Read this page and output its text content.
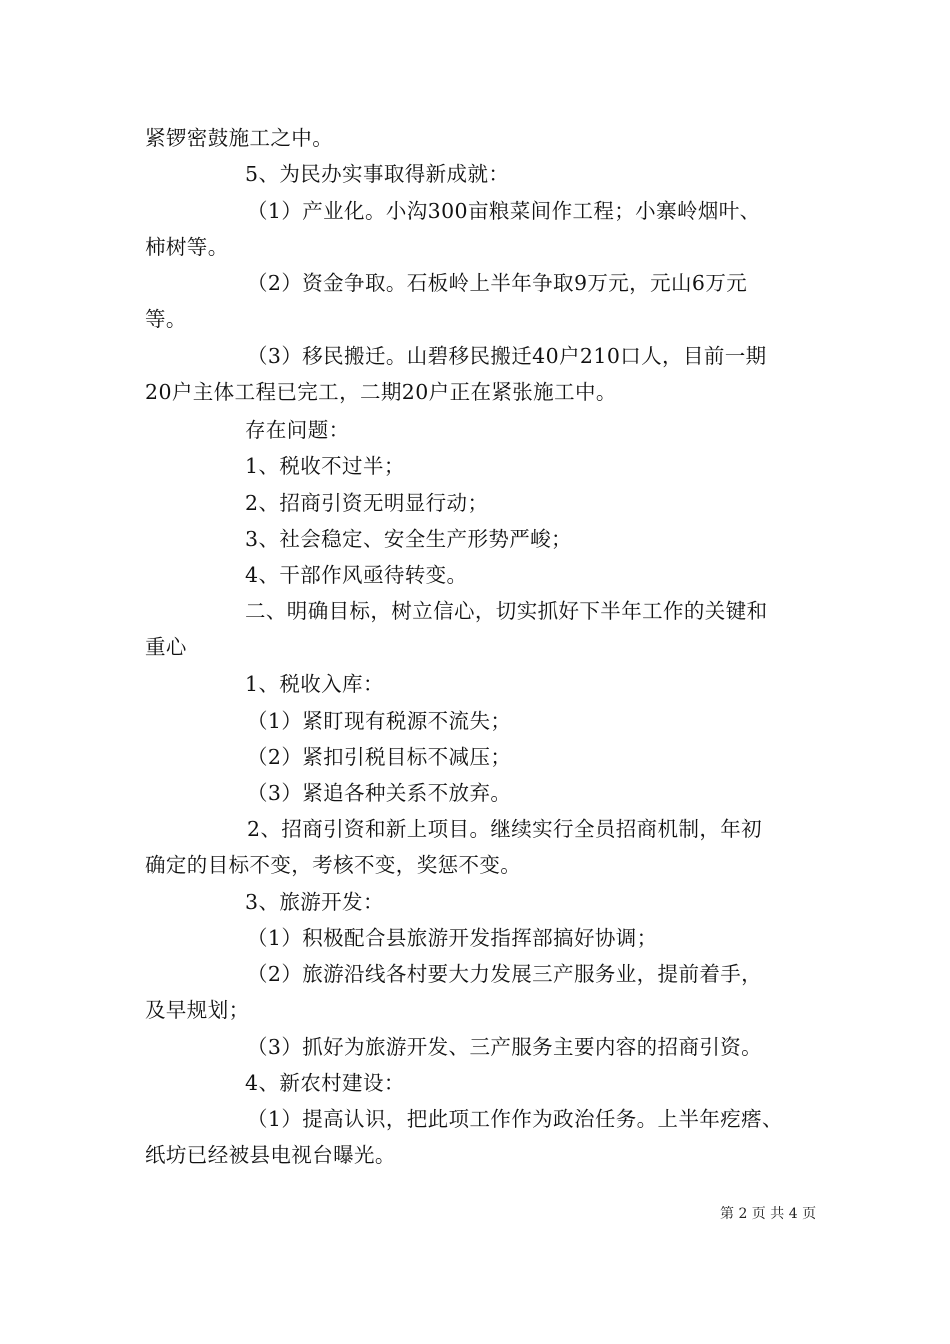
紧锣密鼓施工之中。
5、为民办实事取得新成就：
（1）产业化。小沟300亩粮菜间作工程；小寨岭烟叶、
柿树等。
（2）资金争取。石板岭上半年争取9万元，元山6万元
等。
（3）移民搬迁。山碧移民搬迁40户210口人，目前一期
20户主体工程已完工，二期20户正在紧张施工中。
存在问题：
1、税收不过半；
2、招商引资无明显行动；
3、社会稳定、安全生产形势严峻；
4、干部作风亟待转变。
二、明确目标，树立信心，切实抓好下半年工作的关键和
重心
1、税收入库：
（1）紧盯现有税源不流失；
（2）紧扣引税目标不减压；
（3）紧追各种关系不放弃。
2、招商引资和新上项目。继续实行全员招商机制，年初
确定的目标不变，考核不变，奖惩不变。
3、旅游开发：
（1）积极配合县旅游开发指挥部搞好协调；
（2）旅游沿线各村要大力发展三产服务业，提前着手，
及早规划；
（3）抓好为旅游开发、三产服务主要内容的招商引资。
4、新农村建设：
（1）提高认识，把此项工作作为政治任务。上半年疙瘩、
纸坊已经被县电视台曝光。
第 2 页 共 4 页
